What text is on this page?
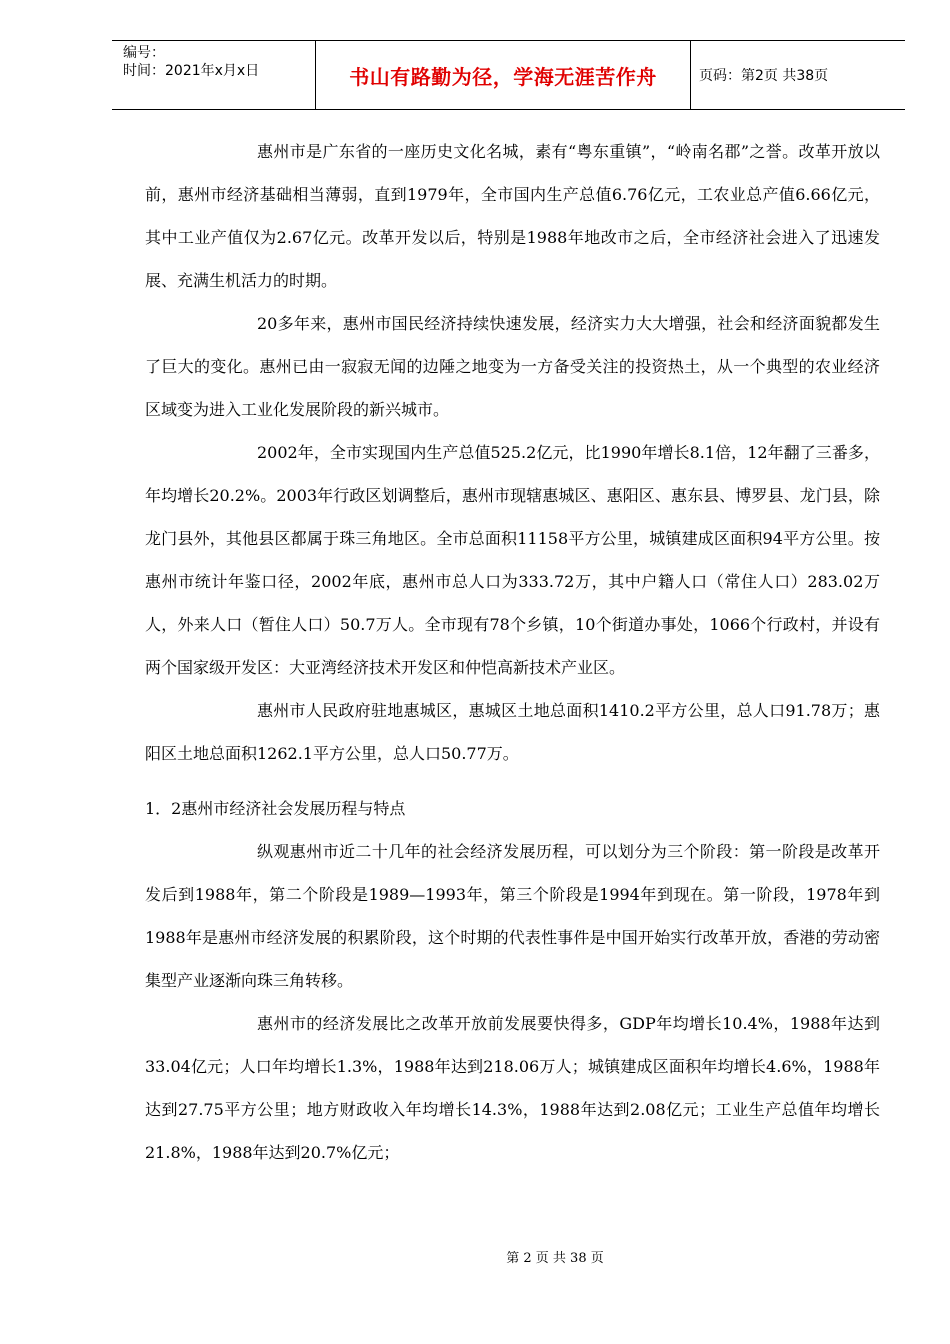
编号：
时间：2021年x月x日	书山有路勤为径，学海无涯苦作舟	页码：第2页 共38页

惠州市是广东省的一座历史文化名城，素有“粤东重镇”，“岭南名郡”之誉。改革开放以前，惠州市经济基础相当薄弱，直到1979年，全市国内生产总值6.76亿元，工农业总产值6.66亿元，其中工业产值仅为2.67亿元。改革开发以后，特别是1988年地改市之后，全市经济社会进入了迅速发展、充满生机活力的时期。

20多年来，惠州市国民经济持续快速发展，经济实力大大增强，社会和经济面貌都发生了巨大的变化。惠州已由一寂寂无闻的边陲之地变为一方备受关注的投资热土，从一个典型的农业经济区域变为进入工业化发展阶段的新兴城市。

2002年，全市实现国内生产总值525.2亿元，比1990年增长8.1倍，12年翻了三番多，年均增长20.2%。2003年行政区划调整后，惠州市现辖惠城区、惠阳区、惠东县、博罗县、龙门县，除龙门县外，其他县区都属于珠三角地区。全市总面积11158平方公里，城镇建成区面积94平方公里。按惠州市统计年鉴口径，2002年底，惠州市总人口为333.72万，其中户籍人口（常住人口）283.02万人，外来人口（暂住人口）50.7万人。全市现有78个乡镇，10个街道办事处，1066个行政村，并设有两个国家级开发区：大亚湾经济技术开发区和仲恺高新技术产业区。

惠州市人民政府驻地惠城区，惠城区土地总面积1410.2平方公里，总人口91.78万；惠阳区土地总面积1262.1平方公里，总人口50.77万。

1．2惠州市经济社会发展历程与特点

纵观惠州市近二十几年的社会经济发展历程，可以划分为三个阶段：第一阶段是改革开发后到1988年，第二个阶段是1989—1993年，第三个阶段是1994年到现在。第一阶段，1978年到1988年是惠州市经济发展的积累阶段，这个时期的代表性事件是中国开始实行改革开放，香港的劳动密集型产业逐渐向珠三角转移。

惠州市的经济发展比之改革开放前发展要快得多，GDP年均增长10.4%，1988年达到33.04亿元；人口年均增长1.3%，1988年达到218.06万人；城镇建成区面积年均增长4.6%，1988年达到27.75平方公里；地方财政收入年均增长14.3%，1988年达到2.08亿元；工业生产总值年均增长21.8%，1988年达到20.7%亿元；

第 2 页 共 38 页
